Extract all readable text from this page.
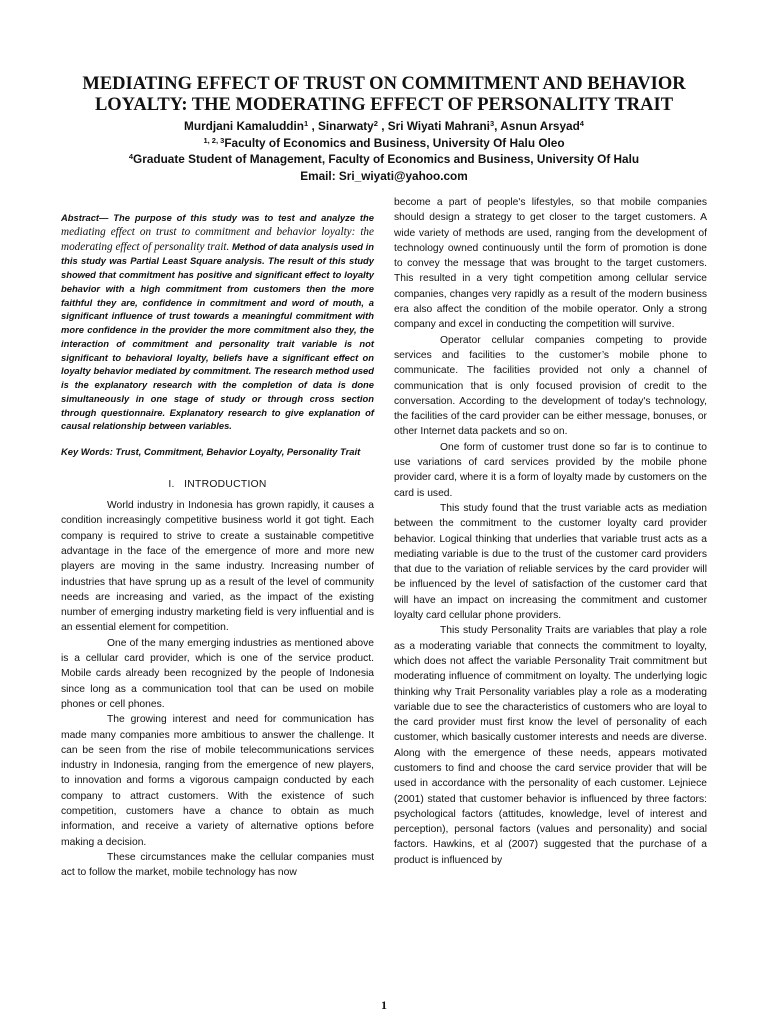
MEDIATING EFFECT OF TRUST ON COMMITMENT AND BEHAVIOR
LOYALTY: THE MODERATING EFFECT OF PERSONALITY TRAIT
Murdjani Kamaluddin$^1$ , Sinarwaty$^2$ , Sri Wiyati Mahrani$^3$, Asnun Arsyad$^4$
$^{1, 2, 3}$Faculty of Economics and Business, University Of Halu Oleo
$^4$Graduate Student of Management, Faculty of Economics and Business, University Of Halu
Email: Sri_wiyati@yahoo.com

Abstract— The purpose of this study was to test and analyze the mediating effect on trust to commitment and behavior loyalty: the moderating effect of personality trait. Method of data analysis used in this study was Partial Least Square analysis. The result of this study showed that commitment has positive and significant effect to loyalty behavior with a high commitment from customers then the more faithful they are, confidence in commitment and word of mouth, a significant influence of trust towards a meaningful commitment with more confidence in the provider the more commitment also they, the interaction of commitment and personality trait variable is not significant to behavioral loyalty, beliefs have a significant effect on loyalty behavior mediated by commitment. The research method used is the explanatory research with the completion of data is done simultaneously in one stage of study or through cross section through questionnaire. Explanatory research to give explanation of causal relationship between variables.

Key Words: Trust, Commitment, Behavior Loyalty, Personality Trait

I.   INTRODUCTION

World industry in Indonesia has grown rapidly, it causes a condition increasingly competitive business world it got tight. Each company is required to strive to create a sustainable competitive advantage in the face of the emergence of more and more new players are moving in the same industry. Increasing number of industries that have sprung up as a result of the level of community needs are increasing and varied, as the impact of the existing number of emerging industry marketing field is very influential and is an essential element for competition.

One of the many emerging industries as mentioned above is a cellular card provider, which is one of the service product. Mobile cards already been recognized by the people of Indonesia since long as a communication tool that can be used on mobile phones or cell phones.

The growing interest and need for communication has made many companies more ambitious to answer the challenge. It can be seen from the rise of mobile telecommunications services industry in Indonesia, ranging from the emergence of new players, to innovation and forms a vigorous campaign conducted by each company to attract customers. With the existence of such competition, customers have a chance to obtain as much information, and receive a variety of alternative options before making a decision.

These circumstances make the cellular companies must act to follow the market, mobile technology has now

become a part of people's lifestyles, so that mobile companies should design a strategy to get closer to the target customers. A wide variety of methods are used, ranging from the development of technology owned continuously until the form of promotion is done to convey the message that was brought to the target customers. This resulted in a very tight competition among cellular service companies, changes very rapidly as a result of the modern business era also affect the condition of the mobile operator. Only a strong company and excel in conducting the competition will survive.

Operator cellular companies competing to provide services and facilities to the customer’s mobile phone to communicate. The facilities provided not only a channel of communication that is only focused provision of credit to the conversation. According to the development of today's technology, the facilities of the card provider can be either message, bonuses, or other Internet data packets and so on.

One form of customer trust done so far is to continue to use variations of card services provided by the mobile phone provider card, where it is a form of loyalty made by customers on the card is used.

This study found that the trust variable acts as mediation between the commitment to the customer loyalty card provider behavior. Logical thinking that underlies that variable trust acts as a mediating variable is due to the trust of the customer card providers that due to the variation of reliable services by the card provider will be influenced by the level of satisfaction of the customer card that will have an impact on increasing the commitment and customer loyalty card cellular phone providers.

This study Personality Traits are variables that play a role as a moderating variable that connects the commitment to loyalty, which does not affect the variable Personality Trait commitment but moderating influence of commitment on loyalty. The underlying logic thinking why Trait Personality variables play a role as a moderating variable due to see the characteristics of customers who are loyal to the card provider must first know the level of personality of each customer, which basically customer interests and needs are diverse. Along with the emergence of these needs, appears motivated customers to find and choose the card service provider that will be used in accordance with the personality of each customer. Lejniece (2001) stated that customer behavior is influenced by three factors: psychological factors (attitudes, knowledge, level of interest and perception), personal factors (values and personality) and social factors. Hawkins, et al (2007) suggested that the purchase of a product is influenced by

1
